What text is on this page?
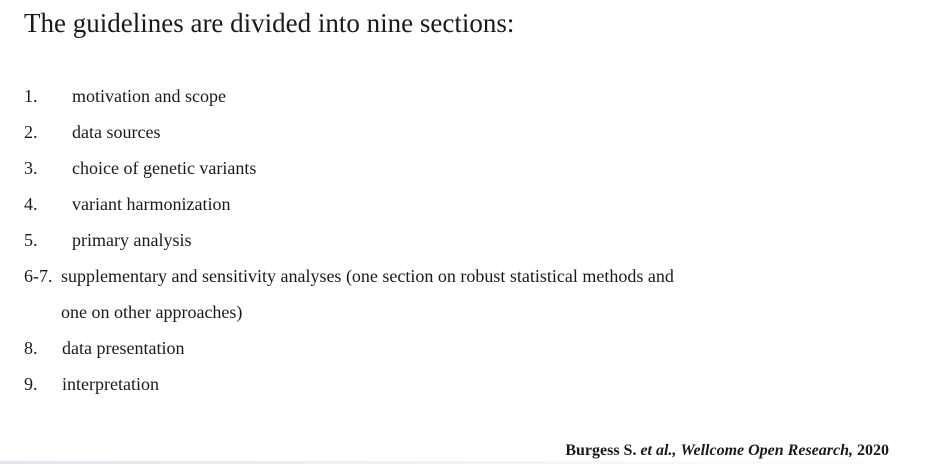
The guidelines are divided into nine sections:
1. motivation and scope
2. data sources
3. choice of genetic variants
4. variant harmonization
5. primary analysis
6-7. supplementary and sensitivity analyses (one section on robust statistical methods and
one on other approaches)
8. data presentation
9. interpretation
Burgess S. et al., Wellcome Open Research, 2020
